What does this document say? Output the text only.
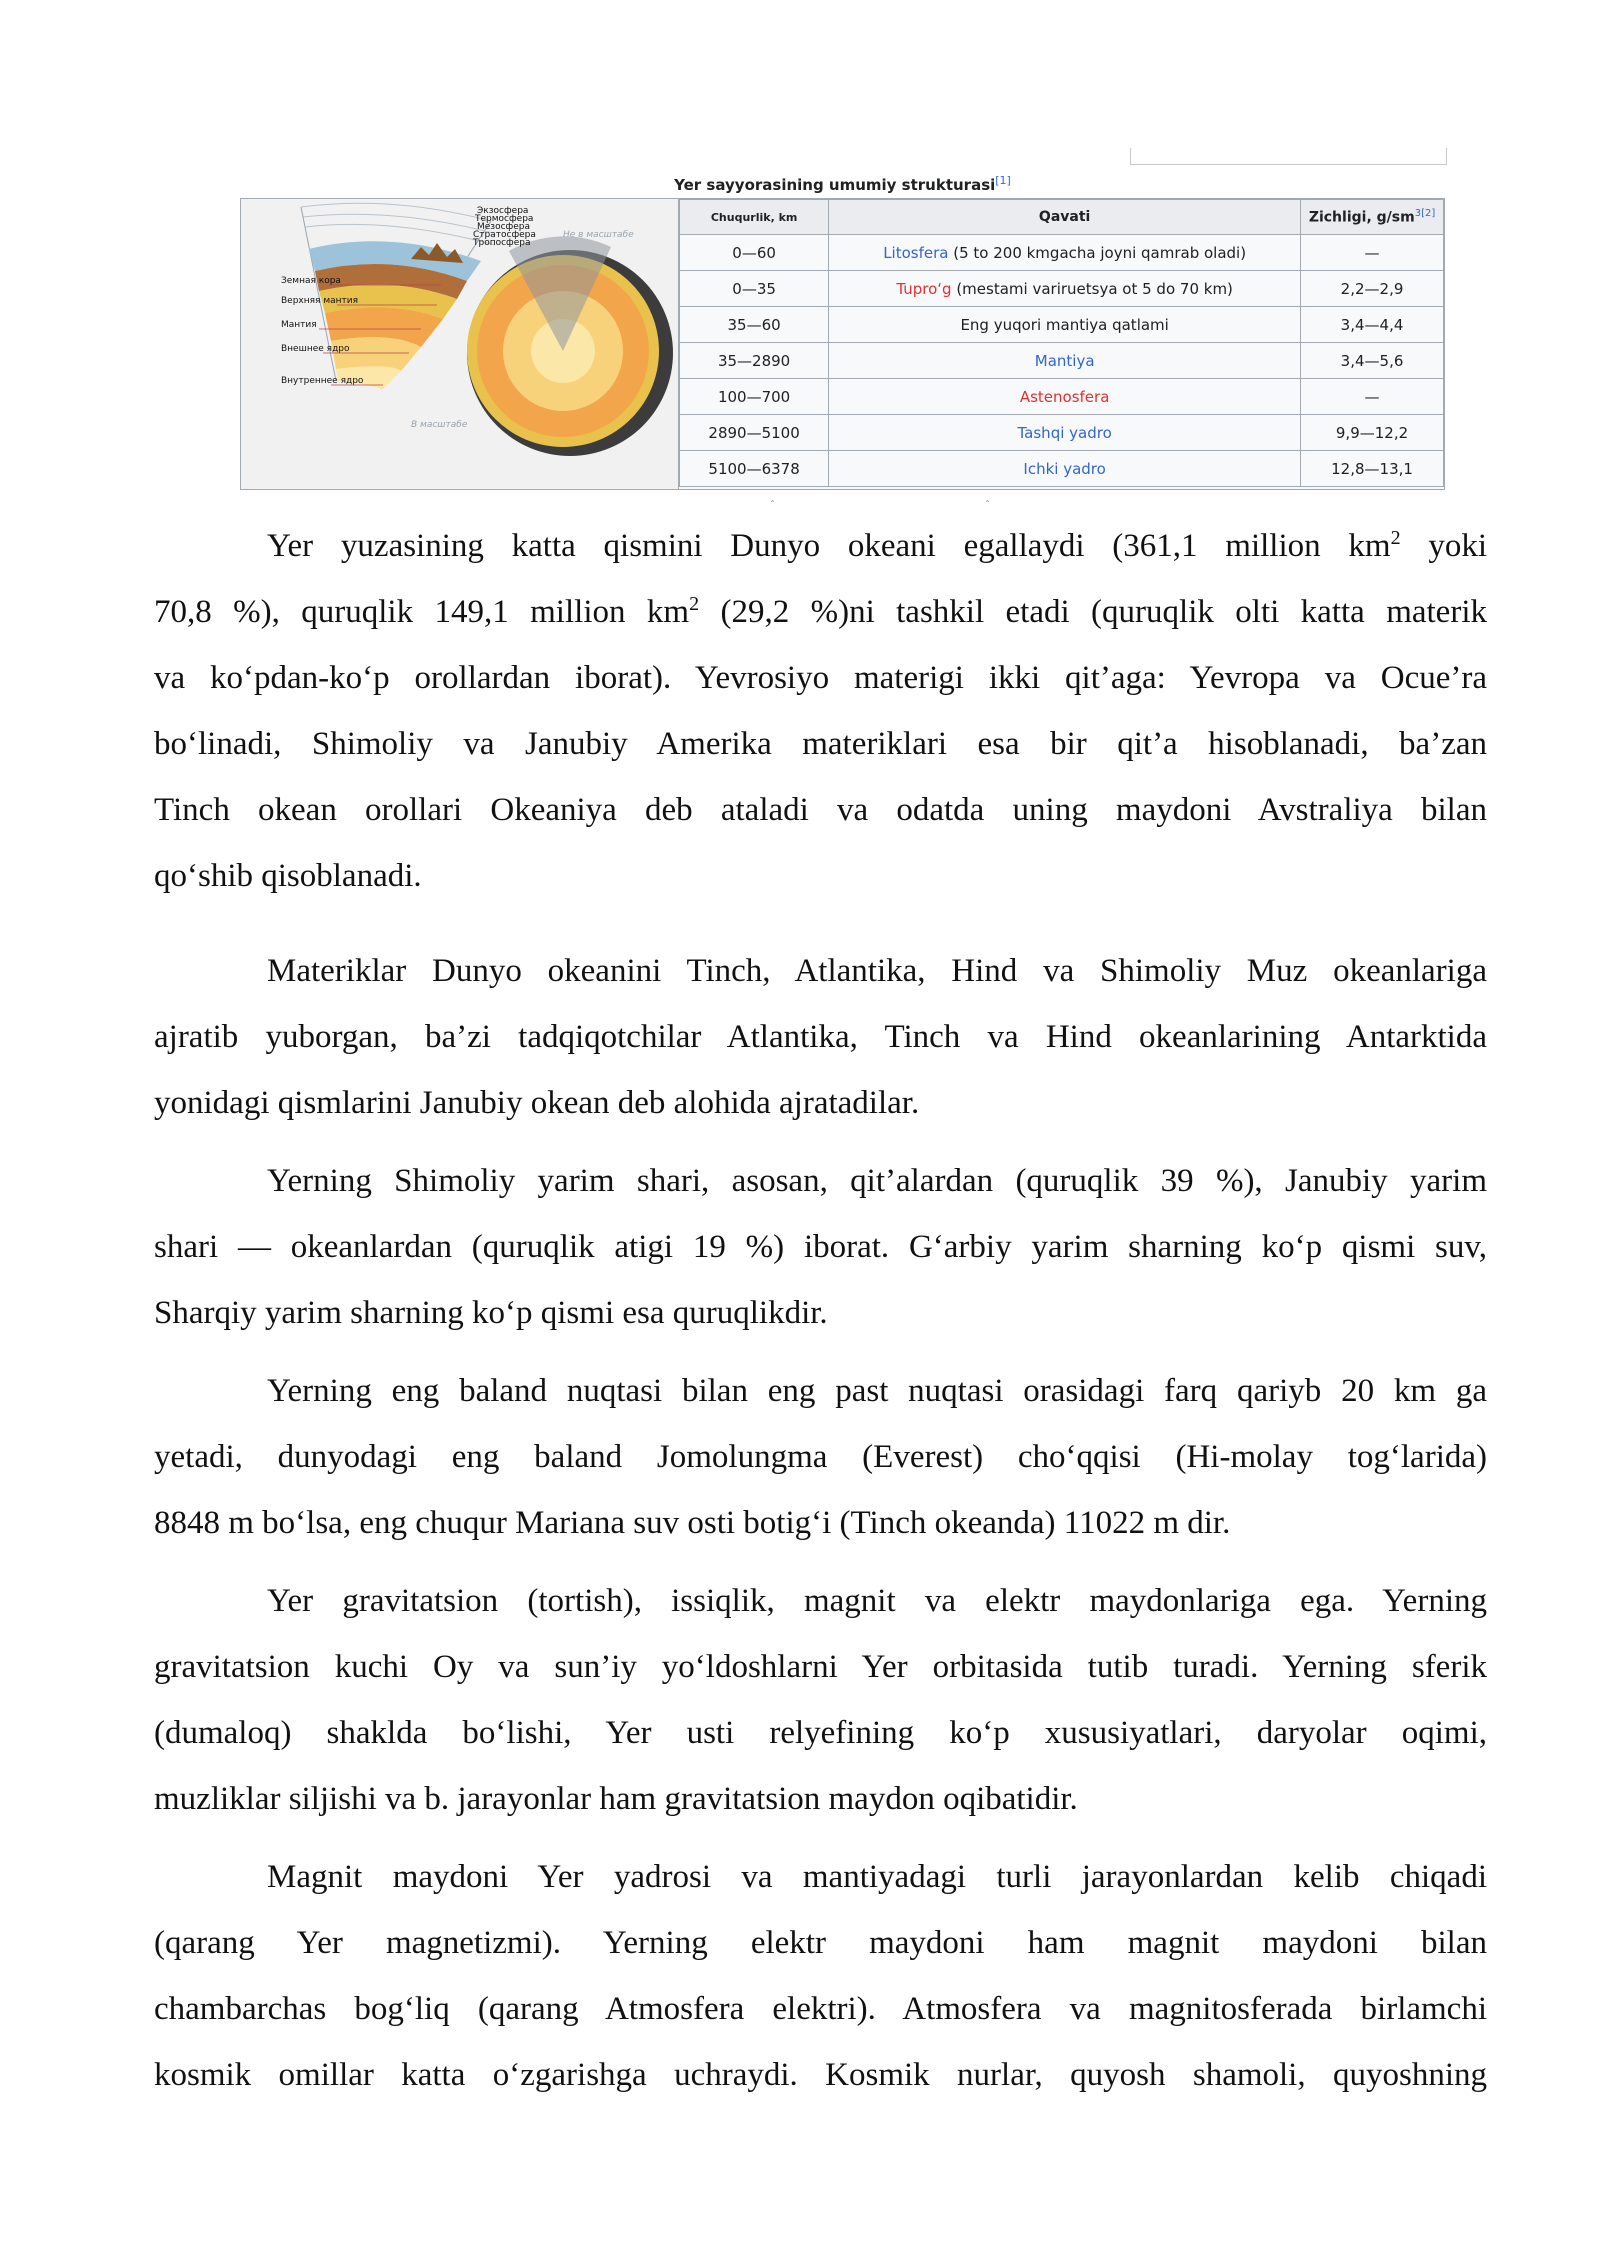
Yer sayyorasining umumiy strukturasi[1]
Экзосфера
Термосфера
Мезосфера
Стратосфера
Тропосфера
Земная кора
Верхняя мантия
Мантия
Внешнее ядро
Внутреннее ядро
Не в масштабе
В масштабе
Chuqurlik, km	Qavati	Zichligi, $g/sm^{3[2]}$
0—60	Litosfera (5 to 200 kmgacha joyni qamrab oladi)	—
0—35	Tupro‘g (mestami variruetsya ot 5 do 70 km)	2,2—2,9
35—60	Eng yuqori mantiya qatlami	3,4—4,4
35—2890	Mantiya	3,4—5,6
100—700	Astenosfera	—
2890—5100	Tashqi yadro	9,9—12,2
5100—6378	Ichki yadro	12,8—13,1
ˆ	ˆ
Yer yuzasining katta qismini Dunyo okeani egallaydi (361,1 million $km^2$ yoki
70,8 %), quruqlik 149,1 million $km^2$ (29,2 %)ni tashkil etadi (quruqlik olti katta materik
va ko‘pdan-ko‘p orollardan iborat). Yevrosiyo materigi ikki qit’aga: Yevropa va Ocue’ra
bo‘linadi, Shimoliy va Janubiy Amerika materiklari esa bir qit’a hisoblanadi, ba’zan
Tinch okean orollari Okeaniya deb ataladi va odatda uning maydoni Avstraliya bilan
qo‘shib qisoblanadi.
Materiklar Dunyo okeanini Tinch, Atlantika, Hind va Shimoliy Muz okeanlariga
ajratib yuborgan, ba’zi tadqiqotchilar Atlantika, Tinch va Hind okeanlarining Antarktida
yonidagi qismlarini Janubiy okean deb alohida ajratadilar.
Yerning Shimoliy yarim shari, asosan, qit’alardan (quruqlik 39 %), Janubiy yarim
shari — okeanlardan (quruqlik atigi 19 %) iborat. G‘arbiy yarim sharning ko‘p qismi suv,
Sharqiy yarim sharning ko‘p qismi esa quruqlikdir.
Yerning eng baland nuqtasi bilan eng past nuqtasi orasidagi farq qariyb 20 km ga
yetadi, dunyodagi eng baland Jomolungma (Everest) cho‘qqisi (Hi-molay tog‘larida)
8848 m bo‘lsa, eng chuqur Mariana suv osti botig‘i (Tinch okeanda) 11022 m dir.
Yer gravitatsion (tortish), issiqlik, magnit va elektr maydonlariga ega. Yerning
gravitatsion kuchi Oy va sun’iy yo‘ldoshlarni Yer orbitasida tutib turadi. Yerning sferik
(dumaloq) shaklda bo‘lishi, Yer usti relyefining ko‘p xususiyatlari, daryolar oqimi,
muzliklar siljishi va b. jarayonlar ham gravitatsion maydon oqibatidir.
Magnit maydoni Yer yadrosi va mantiyadagi turli jarayonlardan kelib chiqadi
(qarang Yer magnetizmi). Yerning elektr maydoni ham magnit maydoni bilan
chambarchas bog‘liq (qarang Atmosfera elektri). Atmosfera va magnitosferada birlamchi
kosmik omillar katta o‘zgarishga uchraydi. Kosmik nurlar, quyosh shamoli, quyoshning
